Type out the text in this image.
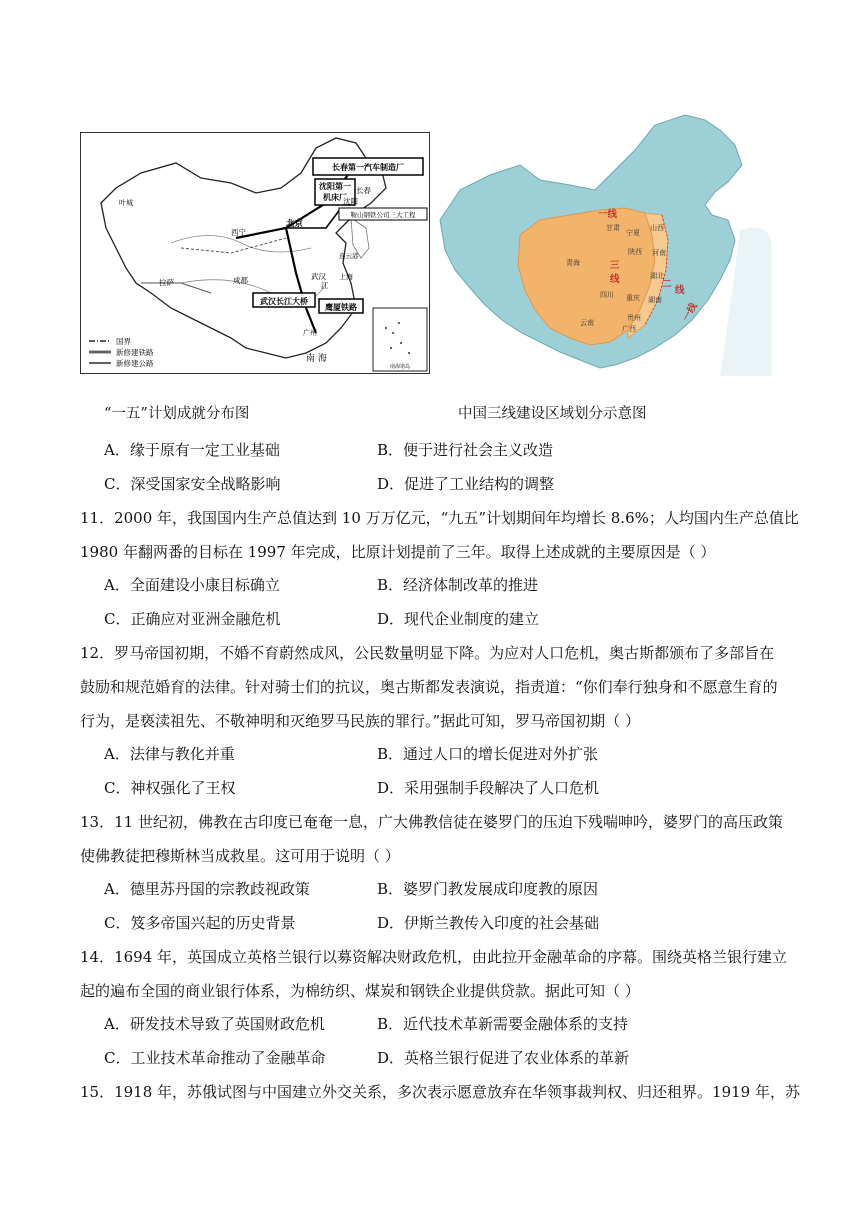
长春第一汽车制造厂
沈阳第一
机床厂
鞍山钢铁公司三大工程
武汉长江大桥
鹰厦铁路
长春
沈阳
北京
西宁
成都
拉萨
武汉 上海
广州
叶城
连云港
江
南 海
南海诸岛
国界
新修建铁路
新修建公路
一线
二
线
三
线
一线
甘肃
宁夏
山西
青海
陕西 河南
四川 重庆
湖北
湖南
贵州
云南
广西
“一五”计划成就分布图	中国三线建设区域划分示意图
A．缘于原有一定工业基础	B．便于进行社会主义改造
C．深受国家安全战略影响	D．促进了工业结构的调整
11．2000 年，我国国内生产总值达到 10 万万亿元，“九五”计划期间年均增长 8.6%；人均国内生产总值比
1980 年翻两番的目标在 1997 年完成，比原计划提前了三年。取得上述成就的主要原因是（ ）
A．全面建设小康目标确立	B．经济体制改革的推进
C．正确应对亚洲金融危机	D．现代企业制度的建立
12．罗马帝国初期，不婚不育蔚然成风，公民数量明显下降。为应对人口危机，奥古斯都颁布了多部旨在
鼓励和规范婚育的法律。针对骑士们的抗议，奥古斯都发表演说，指责道：“你们奉行独身和不愿意生育的
行为，是亵渎祖先、不敬神明和灭绝罗马民族的罪行。”据此可知，罗马帝国初期（ ）
A．法律与教化并重	B．通过人口的增长促进对外扩张
C．神权强化了王权	D．采用强制手段解决了人口危机
13．11 世纪初，佛教在古印度已奄奄一息，广大佛教信徒在婆罗门的压迫下残喘呻吟，婆罗门的高压政策
使佛教徒把穆斯林当成救星。这可用于说明（ ）
A．德里苏丹国的宗教歧视政策	B．婆罗门教发展成印度教的原因
C．笈多帝国兴起的历史背景	D．伊斯兰教传入印度的社会基础
14．1694 年，英国成立英格兰银行以募资解决财政危机，由此拉开金融革命的序幕。围绕英格兰银行建立
起的遍布全国的商业银行体系，为棉纺织、煤炭和钢铁企业提供贷款。据此可知（ ）
A．研发技术导致了英国财政危机	B．近代技术革新需要金融体系的支持
C．工业技术革命推动了金融革命	D．英格兰银行促进了农业体系的革新
15．1918 年，苏俄试图与中国建立外交关系，多次表示愿意放弃在华领事裁判权、归还租界。1919 年，苏
